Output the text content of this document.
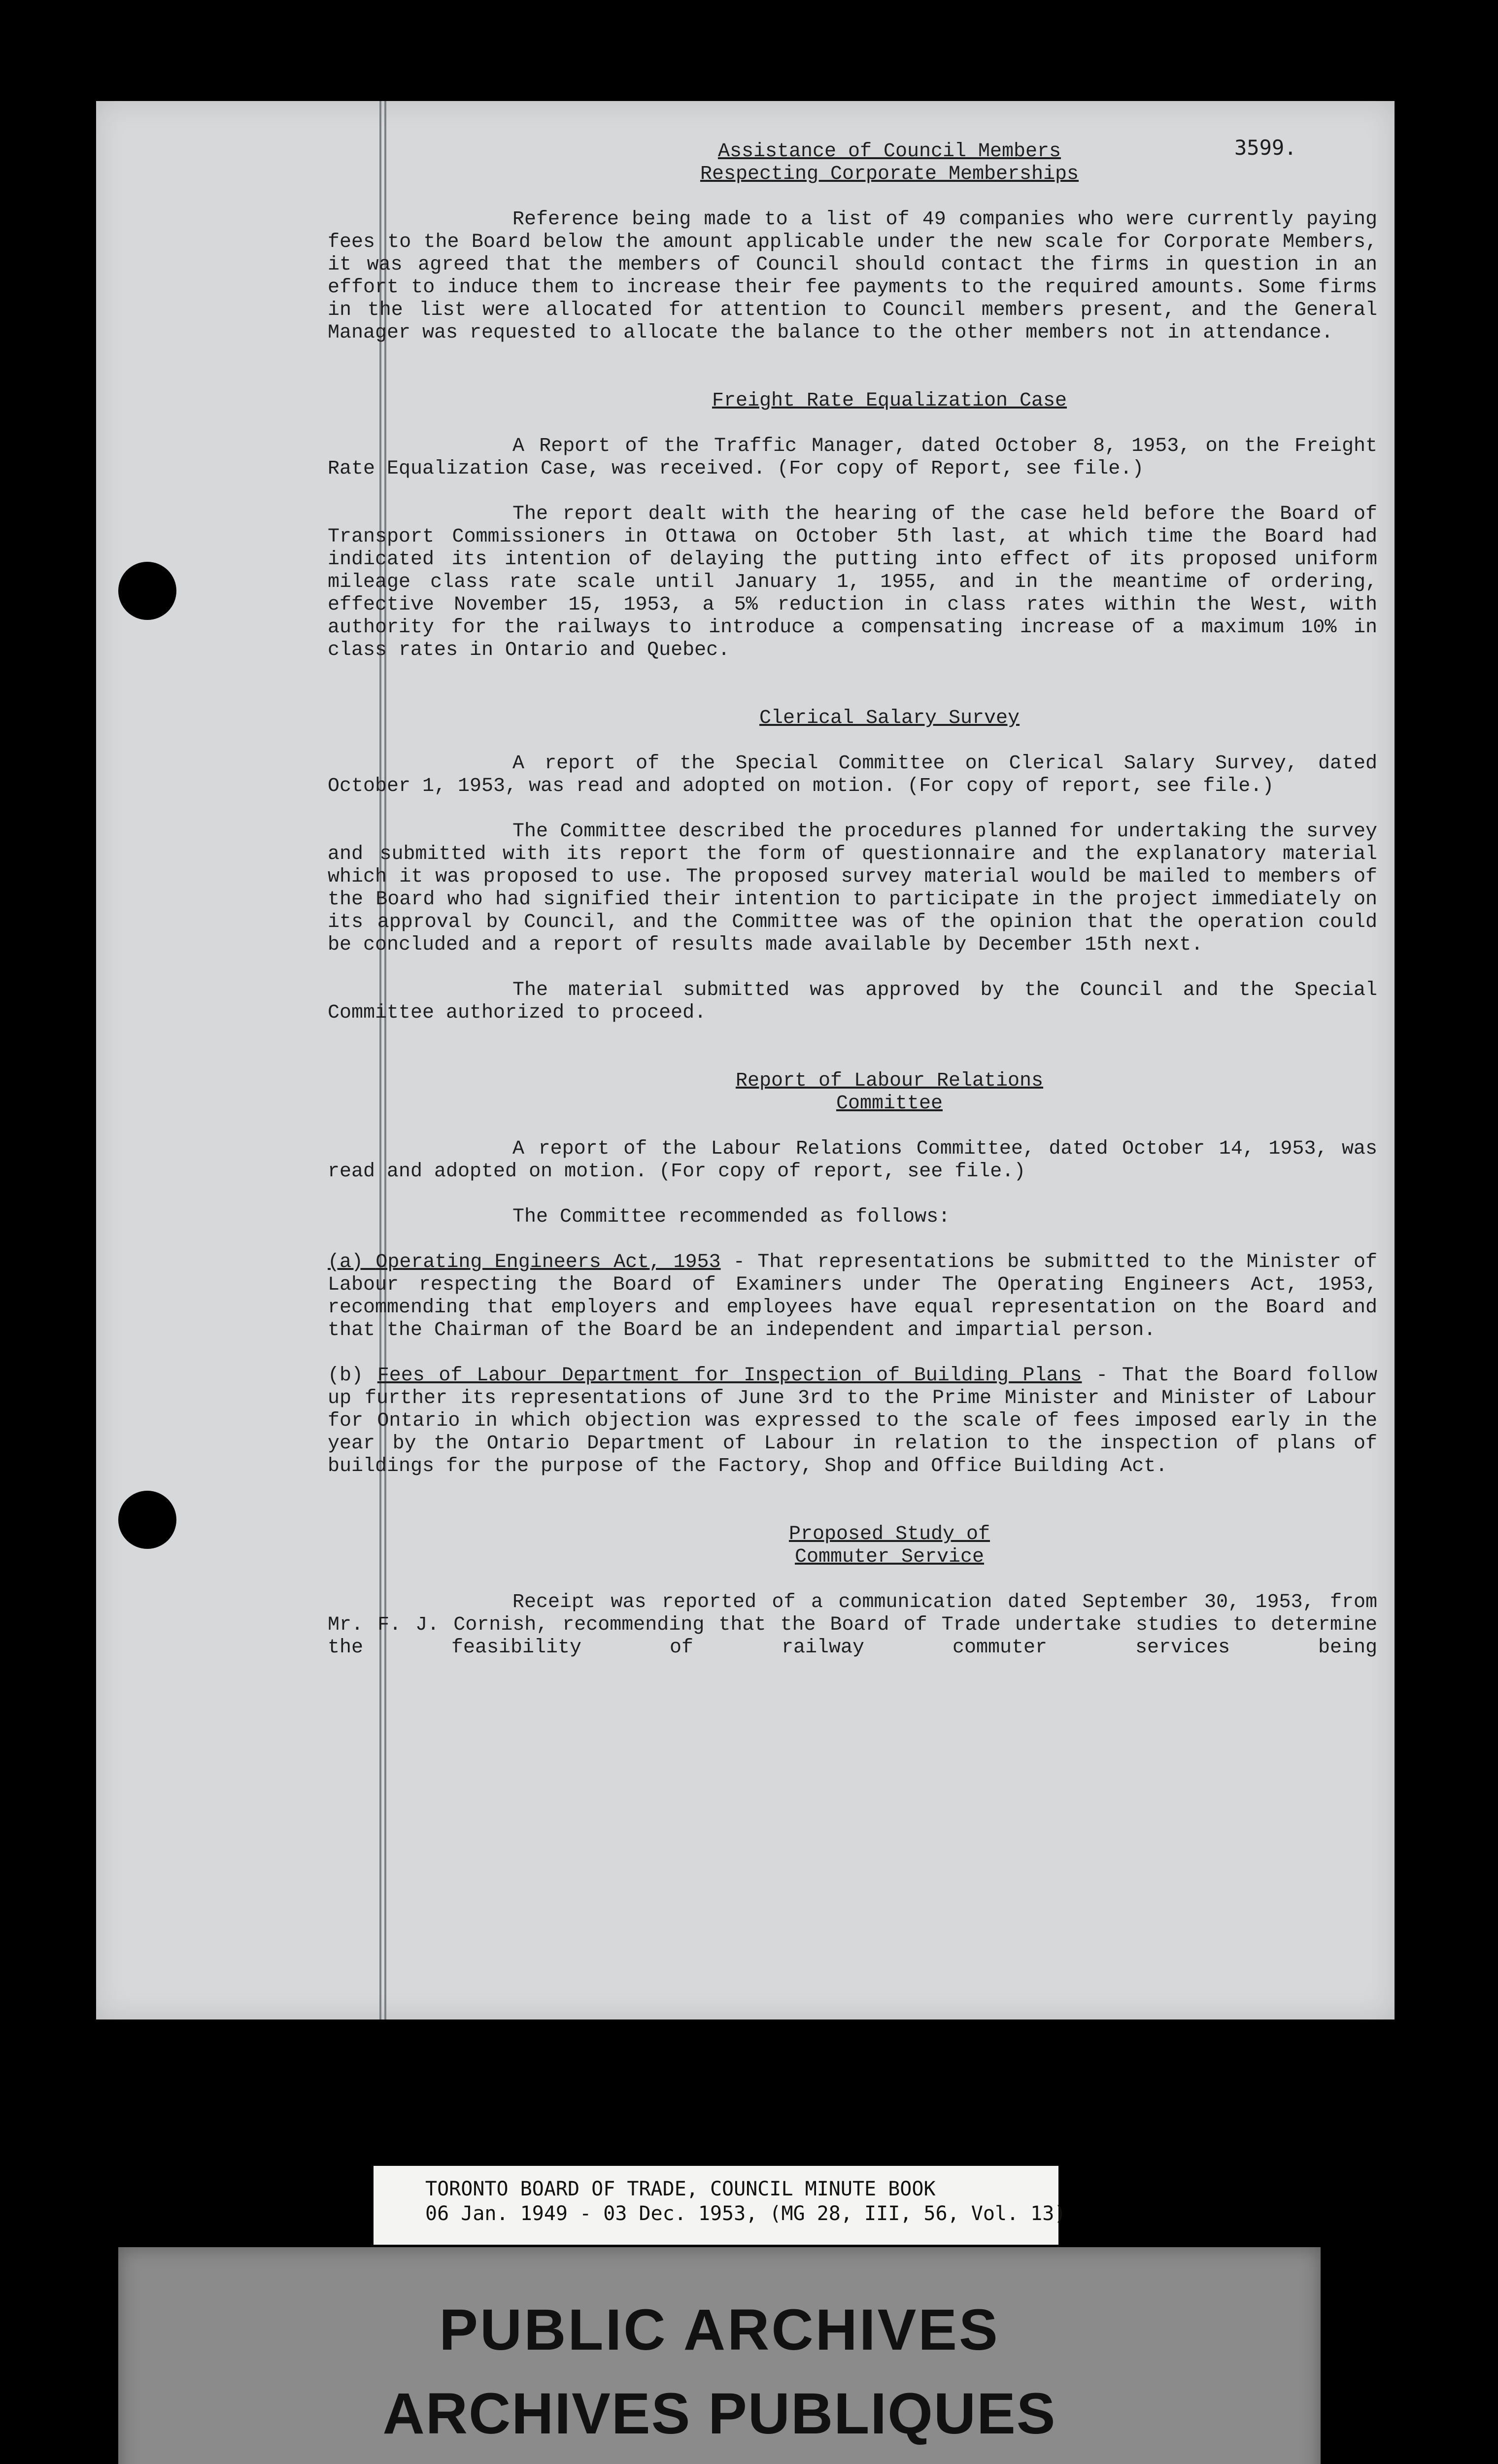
3599.

Assistance of Council Members

Respecting Corporate Memberships

Reference being made to a list of 49 companies who were currently paying fees to the Board below the amount applicable under the new scale for Corporate Members, it was agreed that the members of Council should contact the firms in question in an effort to induce them to increase their fee payments to the required amounts. Some firms in the list were allocated for attention to Council members present, and the General Manager was requested to allocate the balance to the other members not in attendance.

Freight Rate Equalization Case

A Report of the Traffic Manager, dated October 8, 1953, on the Freight Rate Equalization Case, was received. (For copy of Report, see file.)

The report dealt with the hearing of the case held before the Board of Transport Commissioners in Ottawa on October 5th last, at which time the Board had indicated its intention of delaying the putting into effect of its proposed uniform mileage class rate scale until January 1, 1955, and in the meantime of ordering, effective November 15, 1953, a 5% reduction in class rates within the West, with authority for the railways to introduce a compensating increase of a maximum 10% in class rates in Ontario and Quebec.

Clerical Salary Survey

A report of the Special Committee on Clerical Salary Survey, dated October 1, 1953, was read and adopted on motion. (For copy of report, see file.)

The Committee described the procedures planned for undertaking the survey and submitted with its report the form of questionnaire and the explanatory material which it was proposed to use. The proposed survey material would be mailed to members of the Board who had signified their intention to participate in the project immediately on its approval by Council, and the Committee was of the opinion that the operation could be concluded and a report of results made available by December 15th next.

The material submitted was approved by the Council and the Special Committee authorized to proceed.

Report of Labour Relations

Committee

A report of the Labour Relations Committee, dated October 14, 1953, was read and adopted on motion. (For copy of report, see file.)

The Committee recommended as follows:

(a) Operating Engineers Act, 1953 - That representations be submitted to the Minister of Labour respecting the Board of Examiners under The Operating Engineers Act, 1953, recommending that employers and employees have equal representation on the Board and that the Chairman of the Board be an independent and impartial person.

(b) Fees of Labour Department for Inspection of Building Plans - That the Board follow up further its representations of June 3rd to the Prime Minister and Minister of Labour for Ontario in which objection was expressed to the scale of fees imposed early in the year by the Ontario Department of Labour in relation to the inspection of plans of buildings for the purpose of the Factory, Shop and Office Building Act.

Proposed Study of

Commuter Service

Receipt was reported of a communication dated September 30, 1953, from Mr. F. J. Cornish, recommending that the Board of Trade undertake studies to determine the feasibility of railway commuter services being

TORONTO BOARD OF TRADE, COUNCIL MINUTE BOOK

06 Jan. 1949 - 03 Dec. 1953, (MG 28, III, 56, Vol. 13)

PUBLIC ARCHIVES

ARCHIVES PUBLIQUES
